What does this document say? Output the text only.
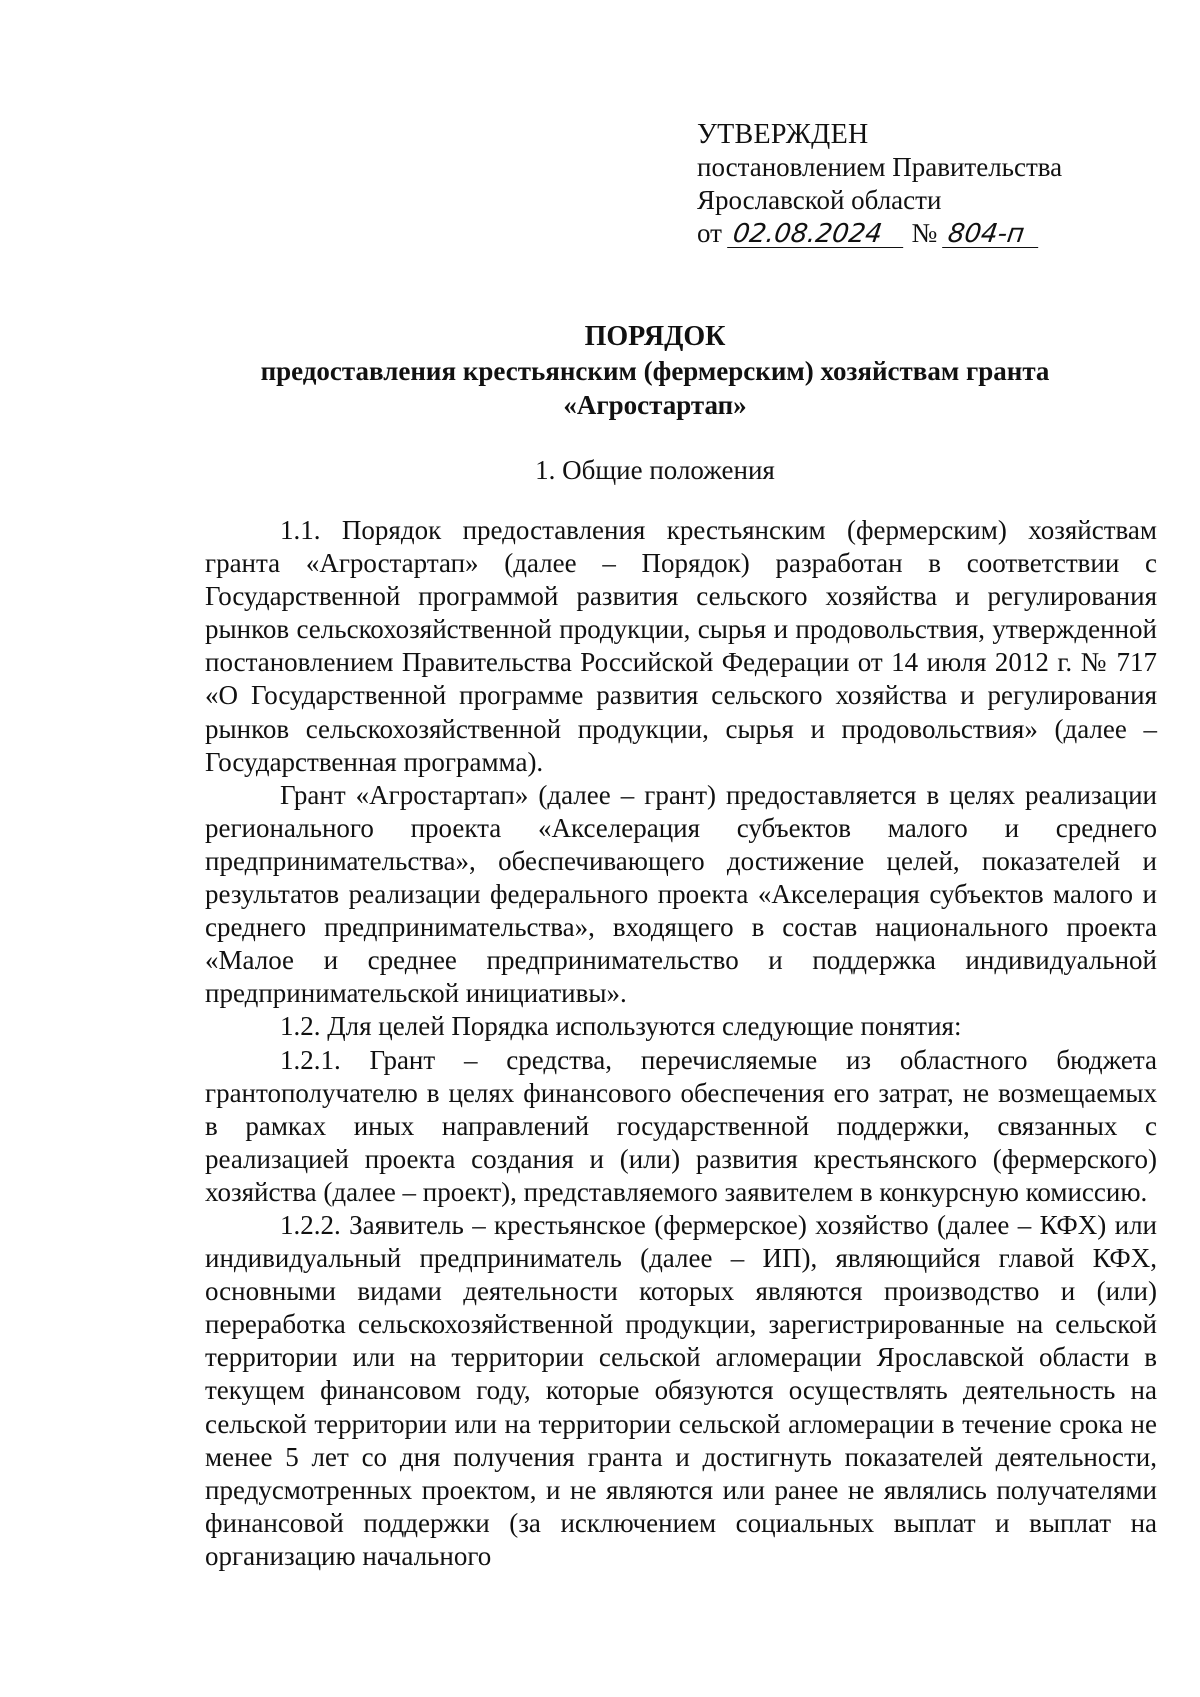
УТВЕРЖДЕН
постановлением Правительства
Ярославской области
от 02.08.2024 № 804-п
ПОРЯДОК
предоставления крестьянским (фермерским) хозяйствам гранта
«Агростартап»
1. Общие положения

1.1. Порядок предоставления крестьянским (фермерским) хозяйствам гранта «Агростартап» (далее – Порядок) разработан в соответствии с Государственной программой развития сельского хозяйства и регулирования рынков сельскохозяйственной продукции, сырья и продовольствия, утвержденной постановлением Правительства Российской Федерации от 14 июля 2012 г. № 717 «О Государственной программе развития сельского хозяйства и регулирования рынков сельскохозяйственной продукции, сырья и продовольствия» (далее – Государственная программа).

Грант «Агростартап» (далее – грант) предоставляется в целях реализации регионального проекта «Акселерация субъектов малого и среднего предпринимательства», обеспечивающего достижение целей, показателей и результатов реализации федерального проекта «Акселерация субъектов малого и среднего предпринимательства», входящего в состав национального проекта «Малое и среднее предпринимательство и поддержка индивидуальной предпринимательской инициативы».

1.2. Для целей Порядка используются следующие понятия:

1.2.1. Грант – средства, перечисляемые из областного бюджета грантополучателю в целях финансового обеспечения его затрат, не возмещаемых в рамках иных направлений государственной поддержки, связанных с реализацией проекта создания и (или) развития крестьянского (фермерского) хозяйства (далее – проект), представляемого заявителем в конкурсную комиссию.

1.2.2. Заявитель – крестьянское (фермерское) хозяйство (далее – КФХ) или индивидуальный предприниматель (далее – ИП), являющийся главой КФХ, основными видами деятельности которых являются производство и (или) переработка сельскохозяйственной продукции, зарегистрированные на сельской территории или на территории сельской агломерации Ярославской области в текущем финансовом году, которые обязуются осуществлять деятельность на сельской территории или на территории сельской агломерации в течение срока не менее 5 лет со дня получения гранта и достигнуть показателей деятельности, предусмотренных проектом, и не являются или ранее не являлись получателями финансовой поддержки (за исключением социальных выплат и выплат на организацию начального
